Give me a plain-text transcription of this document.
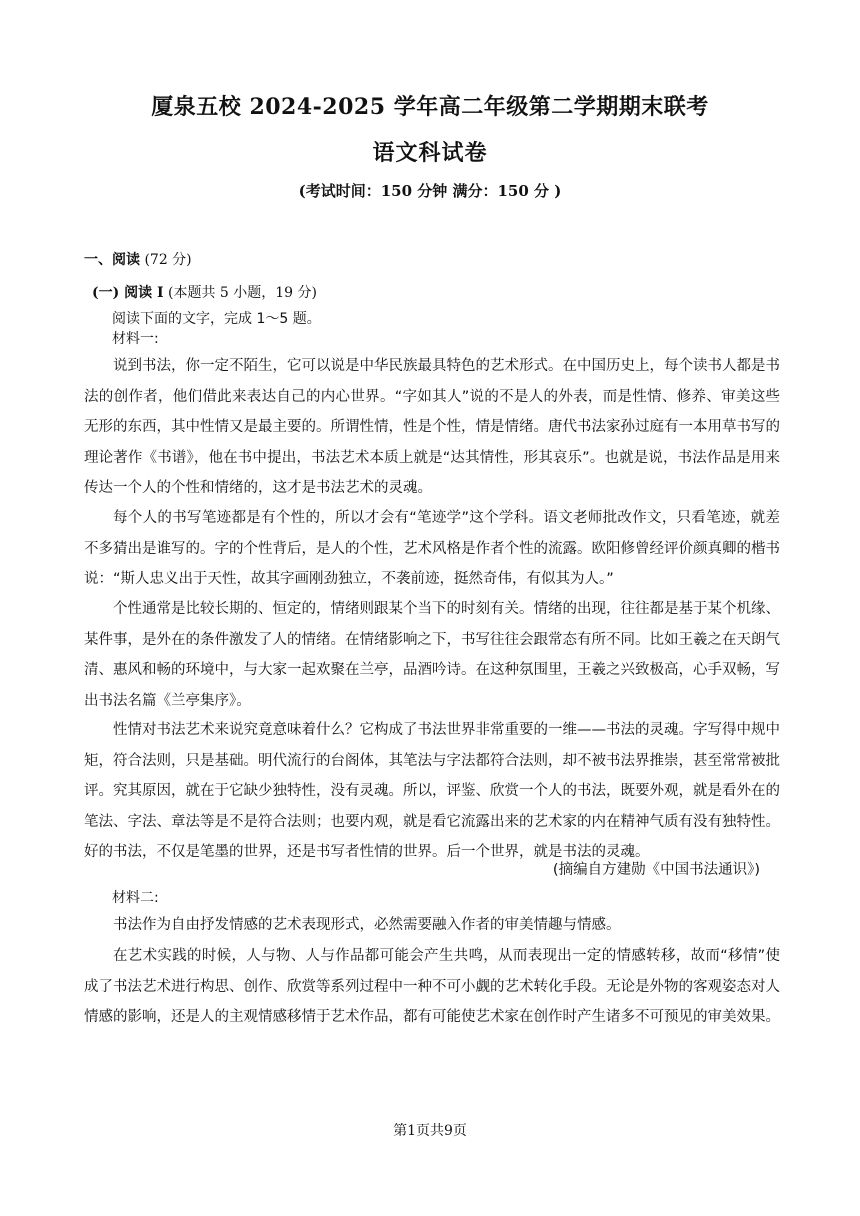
厦泉五校 2024-2025 学年高二年级第二学期期末联考
语文科试卷
(考试时间：150 分钟 满分：150 分 )
一、阅读 (72 分)
(一) 阅读 I (本题共 5 小题，19 分)
阅读下面的文字，完成 1～5 题。
材料一:

说到书法，你一定不陌生，它可以说是中华民族最具特色的艺术形式。在中国历史上，每个读书人都是书法的创作者，他们借此来表达自己的内心世界。“字如其人”说的不是人的外表，而是性情、修养、审美这些无形的东西，其中性情又是最主要的。所谓性情，性是个性，情是情绪。唐代书法家孙过庭有一本用草书写的理论著作《书谱》，他在书中提出，书法艺术本质上就是“达其情性，形其哀乐”。也就是说，书法作品是用来传达一个人的个性和情绪的，这才是书法艺术的灵魂。

每个人的书写笔迹都是有个性的，所以才会有“笔迹学”这个学科。语文老师批改作文，只看笔迹，就差不多猜出是谁写的。字的个性背后，是人的个性，艺术风格是作者个性的流露。欧阳修曾经评价颜真卿的楷书说：“斯人忠义出于天性，故其字画刚劲独立，不袭前迹，挺然奇伟，有似其为人。”

个性通常是比较长期的、恒定的，情绪则跟某个当下的时刻有关。情绪的出现，往往都是基于某个机缘、某件事，是外在的条件激发了人的情绪。在情绪影响之下，书写往往会跟常态有所不同。比如王羲之在天朗气清、惠风和畅的环境中，与大家一起欢聚在兰亭，品酒吟诗。在这种氛围里，王羲之兴致极高，心手双畅，写出书法名篇《兰亭集序》。

性情对书法艺术来说究竟意味着什么？它构成了书法世界非常重要的一维——书法的灵魂。字写得中规中矩，符合法则，只是基础。明代流行的台阁体，其笔法与字法都符合法则，却不被书法界推崇，甚至常常被批评。究其原因，就在于它缺少独特性，没有灵魂。所以，评鉴、欣赏一个人的书法，既要外观，就是看外在的笔法、字法、章法等是不是符合法则；也要内观，就是看它流露出来的艺术家的内在精神气质有没有独特性。好的书法，不仅是笔墨的世界，还是书写者性情的世界。后一个世界，就是书法的灵魂。

(摘编自方建勋《中国书法通识》)
材料二:

书法作为自由抒发情感的艺术表现形式，必然需要融入作者的审美情趣与情感。

在艺术实践的时候，人与物、人与作品都可能会产生共鸣，从而表现出一定的情感转移，故而“移情”使成了书法艺术进行构思、创作、欣赏等系列过程中一种不可小觑的艺术转化手段。无论是外物的客观姿态对人情感的影响，还是人的主观情感移情于艺术作品，都有可能使艺术家在创作时产生诸多不可预见的审美效果。

第1页共9页
